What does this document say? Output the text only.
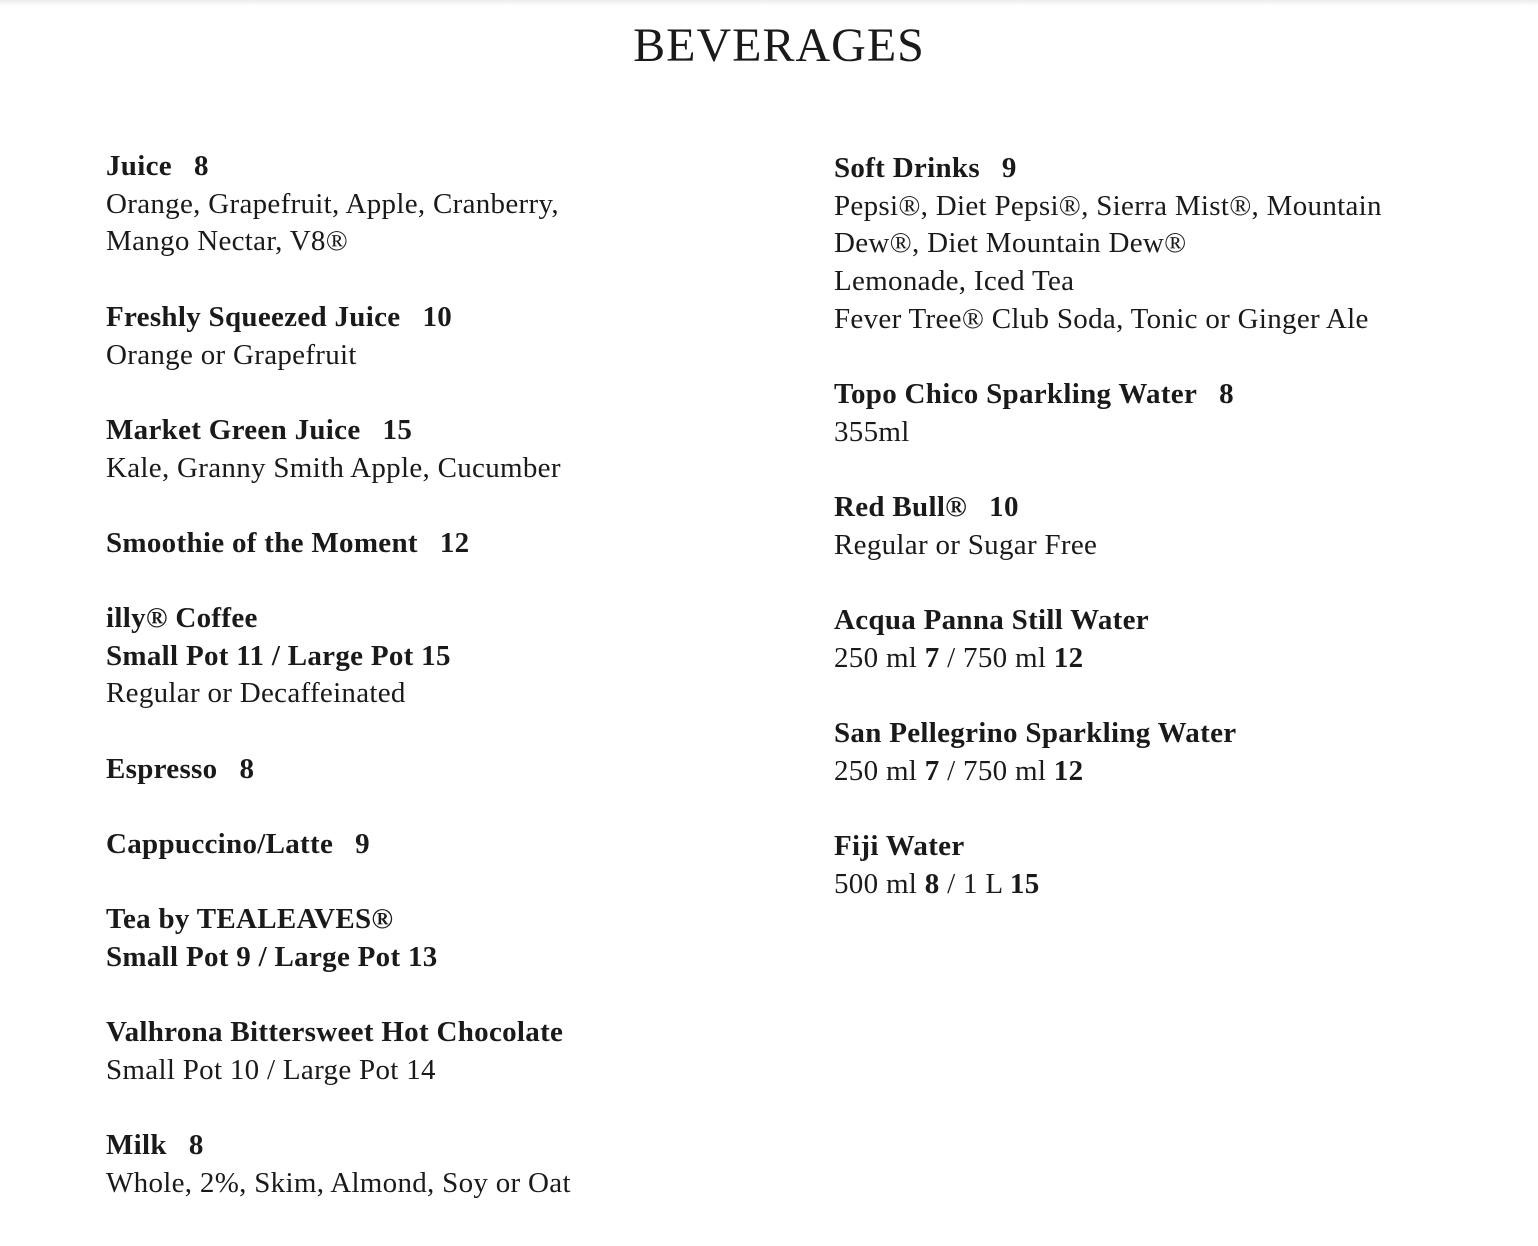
BEVERAGES
Juice 8
Orange, Grapefruit, Apple, Cranberry,
Mango Nectar, V8®
Freshly Squeezed Juice 10
Orange or Grapefruit
Market Green Juice 15
Kale, Granny Smith Apple, Cucumber
Smoothie of the Moment 12
illy® Coffee
Small Pot 11 / Large Pot 15
Regular or Decaffeinated
Espresso 8
Cappuccino/Latte 9
Tea by TEALEAVES®
Small Pot 9 / Large Pot 13
Valhrona Bittersweet Hot Chocolate
Small Pot 10 / Large Pot 14
Milk 8
Whole, 2%, Skim, Almond, Soy or Oat
Soft Drinks 9
Pepsi®, Diet Pepsi®, Sierra Mist®, Mountain
Dew®, Diet Mountain Dew®
Lemonade, Iced Tea
Fever Tree® Club Soda, Tonic or Ginger Ale
Topo Chico Sparkling Water 8
355ml
Red Bull® 10
Regular or Sugar Free
Acqua Panna Still Water
250 ml 7 / 750 ml 12
San Pellegrino Sparkling Water
250 ml 7 / 750 ml 12
Fiji Water
500 ml 8 / 1 L 15
